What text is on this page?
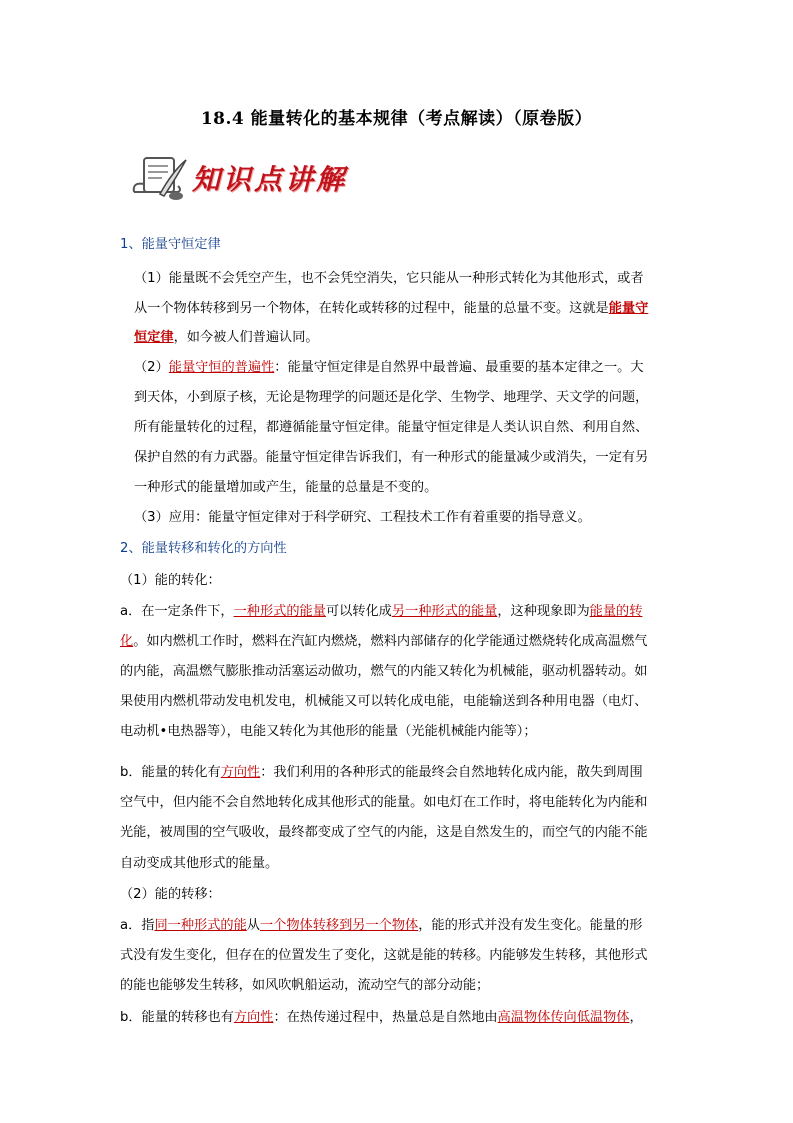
18.4 能量转化的基本规律（考点解读）（原卷版）
知识点讲解
1、能量守恒定律
（1）能量既不会凭空产生，也不会凭空消失，它只能从一种形式转化为其他形式，或者
从一个物体转移到另一个物体，在转化或转移的过程中，能量的总量不变。这就是能量守
恒定律，如今被人们普遍认同。
（2）能量守恒的普遍性：能量守恒定律是自然界中最普遍、最重要的基本定律之一。大
到天体，小到原子核，无论是物理学的问题还是化学、生物学、地理学、天文学的问题，
所有能量转化的过程，都遵循能量守恒定律。能量守恒定律是人类认识自然、利用自然、
保护自然的有力武器。能量守恒定律告诉我们，有一种形式的能量减少或消失，一定有另
一种形式的能量增加或产生，能量的总量是不变的。
（3）应用：能量守恒定律对于科学研究、工程技术工作有着重要的指导意义。
2、能量转移和转化的方向性
（1）能的转化：
a．在一定条件下，一种形式的能量可以转化成另一种形式的能量，这种现象即为能量的转
化。如内燃机工作时，燃料在汽缸内燃烧，燃料内部储存的化学能通过燃烧转化成高温燃气
的内能，高温燃气膨胀推动活塞运动做功，燃气的内能又转化为机械能，驱动机器转动。如
果使用内燃机带动发电机发电，机械能又可以转化成电能，电能输送到各种用电器（电灯、
电动机•电热器等），电能又转化为其他形的能量（光能机械能内能等）；
b．能量的转化有方向性：我们利用的各种形式的能最终会自然地转化成内能，散失到周围
空气中，但内能不会自然地转化成其他形式的能量。如电灯在工作时，将电能转化为内能和
光能，被周围的空气吸收，最终都变成了空气的内能，这是自然发生的，而空气的内能不能
自动变成其他形式的能量。
（2）能的转移：
a．指同一种形式的能从一个物体转移到另一个物体，能的形式并没有发生变化。能量的形
式没有发生变化，但存在的位置发生了变化，这就是能的转移。内能够发生转移，其他形式
的能也能够发生转移，如风吹帆船运动，流动空气的部分动能；
b．能量的转移也有方向性：在热传递过程中，热量总是自然地由高温物体传向低温物体，
